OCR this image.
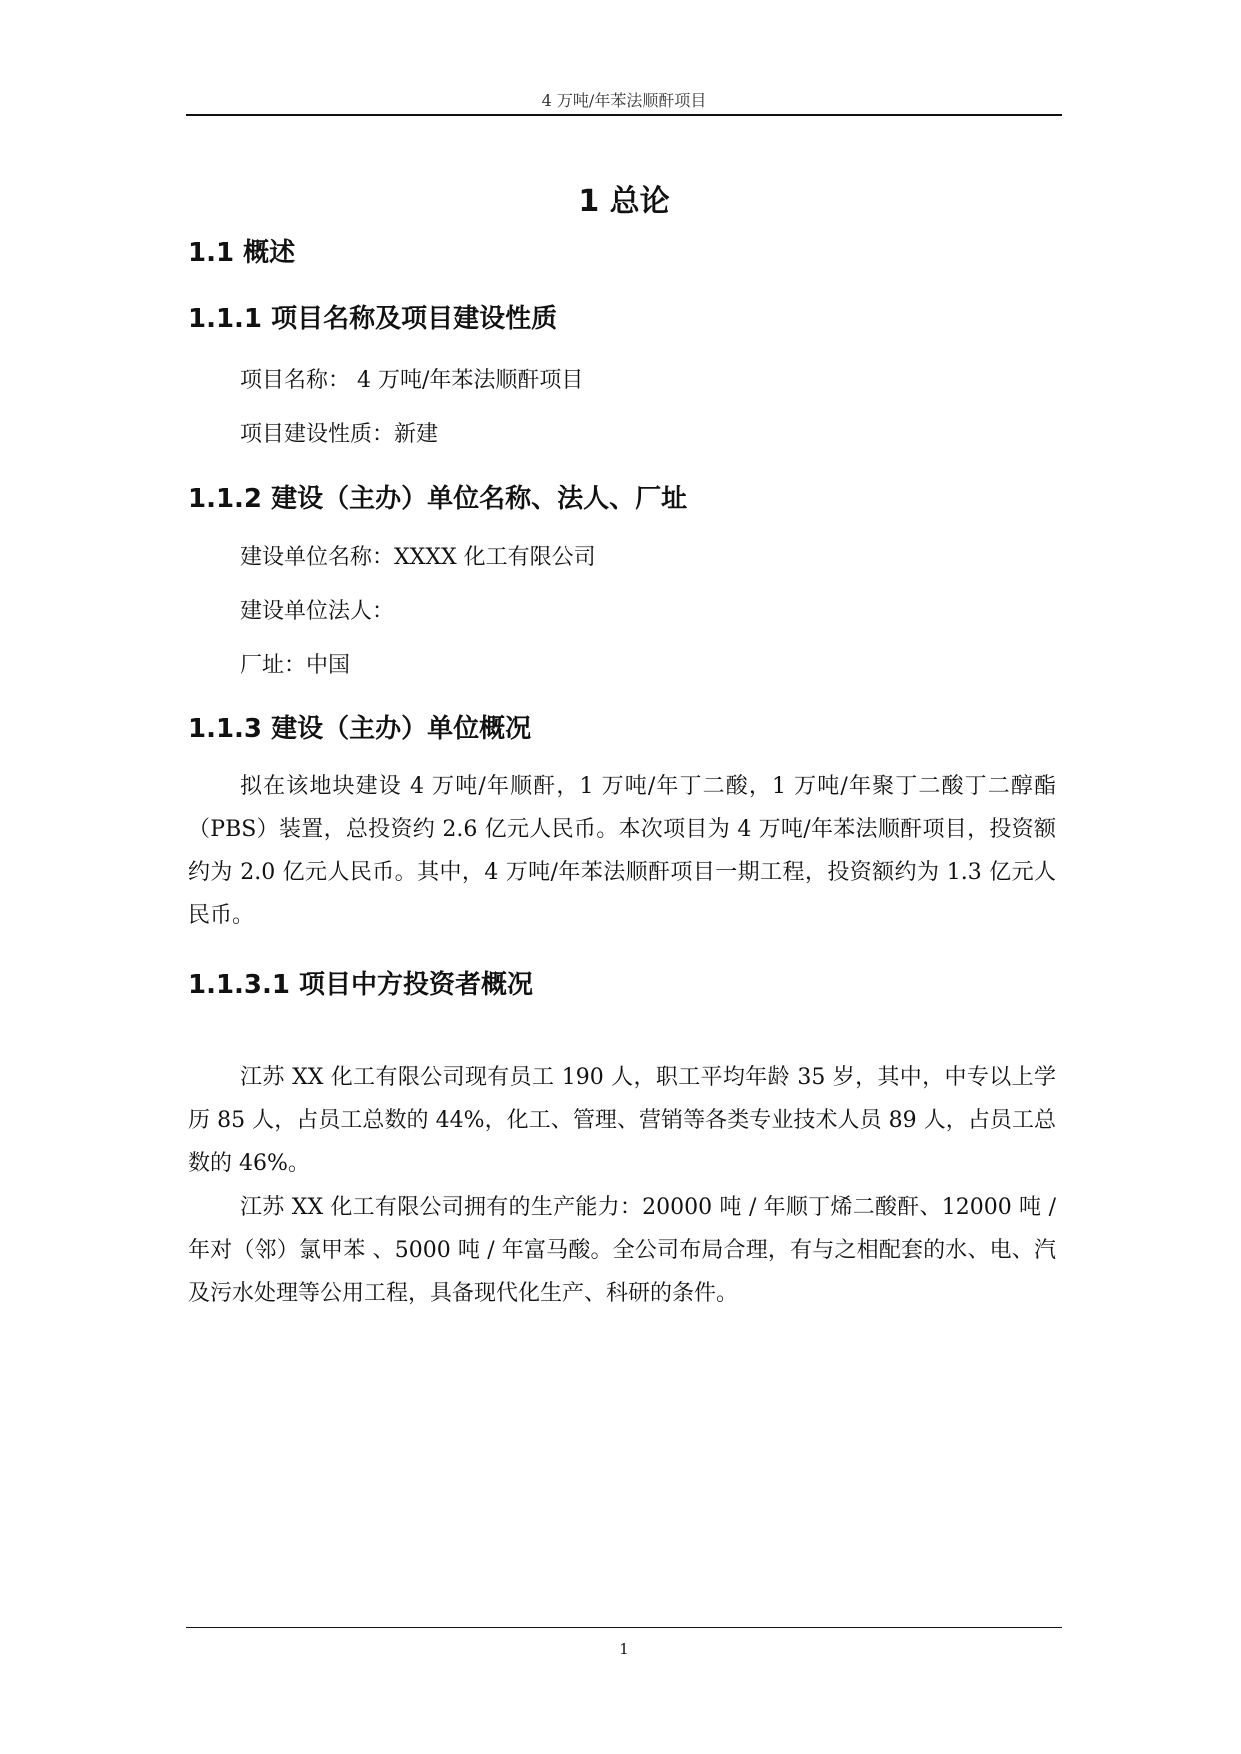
4 万吨/年苯法顺酐项目
1 总论
1.1 概述
1.1.1 项目名称及项目建设性质

项目名称： 4 万吨/年苯法顺酐项目

项目建设性质：新建

1.1.2 建设（主办）单位名称、法人、厂址

建设单位名称：XXXX 化工有限公司

建设单位法人：

厂址：中国

1.1.3 建设（主办）单位概况

拟在该地块建设 4 万吨/年顺酐，1 万吨/年丁二酸，1 万吨/年聚丁二酸丁二醇酯（PBS）装置，总投资约 2.6 亿元人民币。本次项目为 4 万吨/年苯法顺酐项目，投资额约为 2.0 亿元人民币。其中，4 万吨/年苯法顺酐项目一期工程，投资额约为 1.3 亿元人民币。

1.1.3.1 项目中方投资者概况

江苏 XX 化工有限公司现有员工 190 人，职工平均年龄 35 岁，其中，中专以上学历 85 人，占员工总数的 44%，化工、管理、营销等各类专业技术人员 89 人，占员工总数的 46%。

江苏 XX 化工有限公司拥有的生产能力：20000 吨 / 年顺丁烯二酸酐、12000 吨 / 年对（邻）氯甲苯 、5000 吨 / 年富马酸。全公司布局合理，有与之相配套的水、电、汽及污水处理等公用工程，具备现代化生产、科研的条件。

1
